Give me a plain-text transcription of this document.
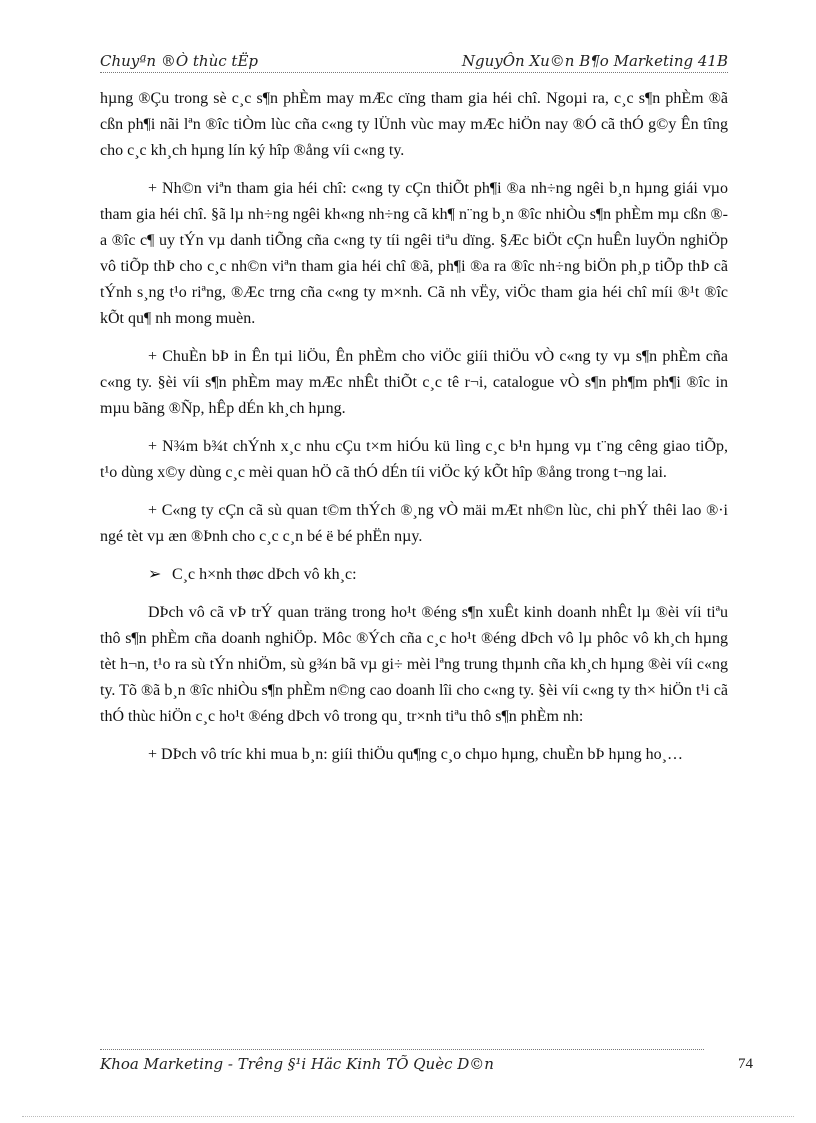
Chuyªn ®Ò thùc tËp	NguyÔn Xu©n B¶o Marketing 41B

hµng ®Çu trong sè c¸c s¶n phÈm may mÆc cïng tham gia héi chî. Ngoµi ra, c¸c s¶n phÈm ®ã cßn ph¶i nãi lªn ®îc tiÒm lùc cña c«ng ty lÜnh vùc may mÆc hiÖn nay ®Ó cã thÓ g©y Ên tîng cho c¸c kh¸ch hµng lín ký hîp ®ång víi c«ng ty.

+ Nh©n viªn tham gia héi chî: c«ng ty cÇn thiÕt ph¶i ®a nh÷ng ngêi b¸n hµng giái vµo tham gia héi chî. §ã lµ nh÷ng ngêi kh«ng nh÷ng cã kh¶ n¨ng b¸n ®îc nhiÒu s¶n phÈm mµ cßn ®a ®îc c¶ uy tÝn vµ danh tiÕng cña c«ng ty tíi ngêi tiªu dïng. §Æc biÖt cÇn huÊn luyÖn nghiÖp vô tiÕp thÞ cho c¸c nh©n viªn tham gia héi chî ®ã, ph¶i ®a ra ®îc nh÷ng biÖn ph¸p tiÕp thÞ cã tÝnh s¸ng t¹o riªng, ®Æc trng cña c«ng ty m×nh. Cã nh vËy, viÖc tham gia héi chî míi ®¹t ®îc kÕt qu¶ nh mong muèn.

+ ChuÈn bÞ in Ên tµi liÖu, Ên phÈm cho viÖc giíi thiÖu vÒ c«ng ty vµ s¶n phÈm cña c«ng ty. §èi víi s¶n phÈm may mÆc nhÊt thiÕt c¸c tê r¬i, catalogue vÒ s¶n ph¶m ph¶i ®îc in mµu bãng ®Ñp, hÊp dÉn kh¸ch hµng.

+ N¾m b¾t chÝnh x¸c nhu cÇu t×m hiÓu kü lìng c¸c b¹n hµng vµ t¨ng cêng giao tiÕp, t¹o dùng x©y dùng c¸c mèi quan hÖ cã thÓ dÉn tíi viÖc ký kÕt hîp ®ång trong t¬ng lai.

+ C«ng ty cÇn cã sù quan t©m thÝch ®¸ng vÒ mäi mÆt nh©n lùc, chi phÝ thêi lao ®·i ngé tèt vµ æn ®Þnh cho c¸c c¸n bé ë bé phËn nµy.

➢ C¸c h×nh thøc dÞch vô kh¸c:

DÞch vô cã vÞ trÝ quan träng trong ho¹t ®éng s¶n xuÊt kinh doanh nhÊt lµ ®èi víi tiªu thô s¶n phÈm cña doanh nghiÖp. Môc ®Ých cña c¸c ho¹t ®éng dÞch vô lµ phôc vô kh¸ch hµng tèt h¬n, t¹o ra sù tÝn nhiÖm, sù g¾n bã vµ gi÷ mèi lªng trung thµnh cña kh¸ch hµng ®èi víi c«ng ty. Tõ ®ã b¸n ®îc nhiÒu s¶n phÈm n©ng cao doanh lîi cho c«ng ty. §èi víi c«ng ty th× hiÖn t¹i cã thÓ thùc hiÖn c¸c ho¹t ®éng dÞch vô trong qu¸ tr×nh tiªu thô s¶n phÈm nh:

+ DÞch vô tríc khi mua b¸n: giíi thiÖu qu¶ng c¸o chµo hµng, chuÈn bÞ hµng ho¸…

Khoa Marketing - Trêng §¹i Häc Kinh TÕ Quèc D©n	74
